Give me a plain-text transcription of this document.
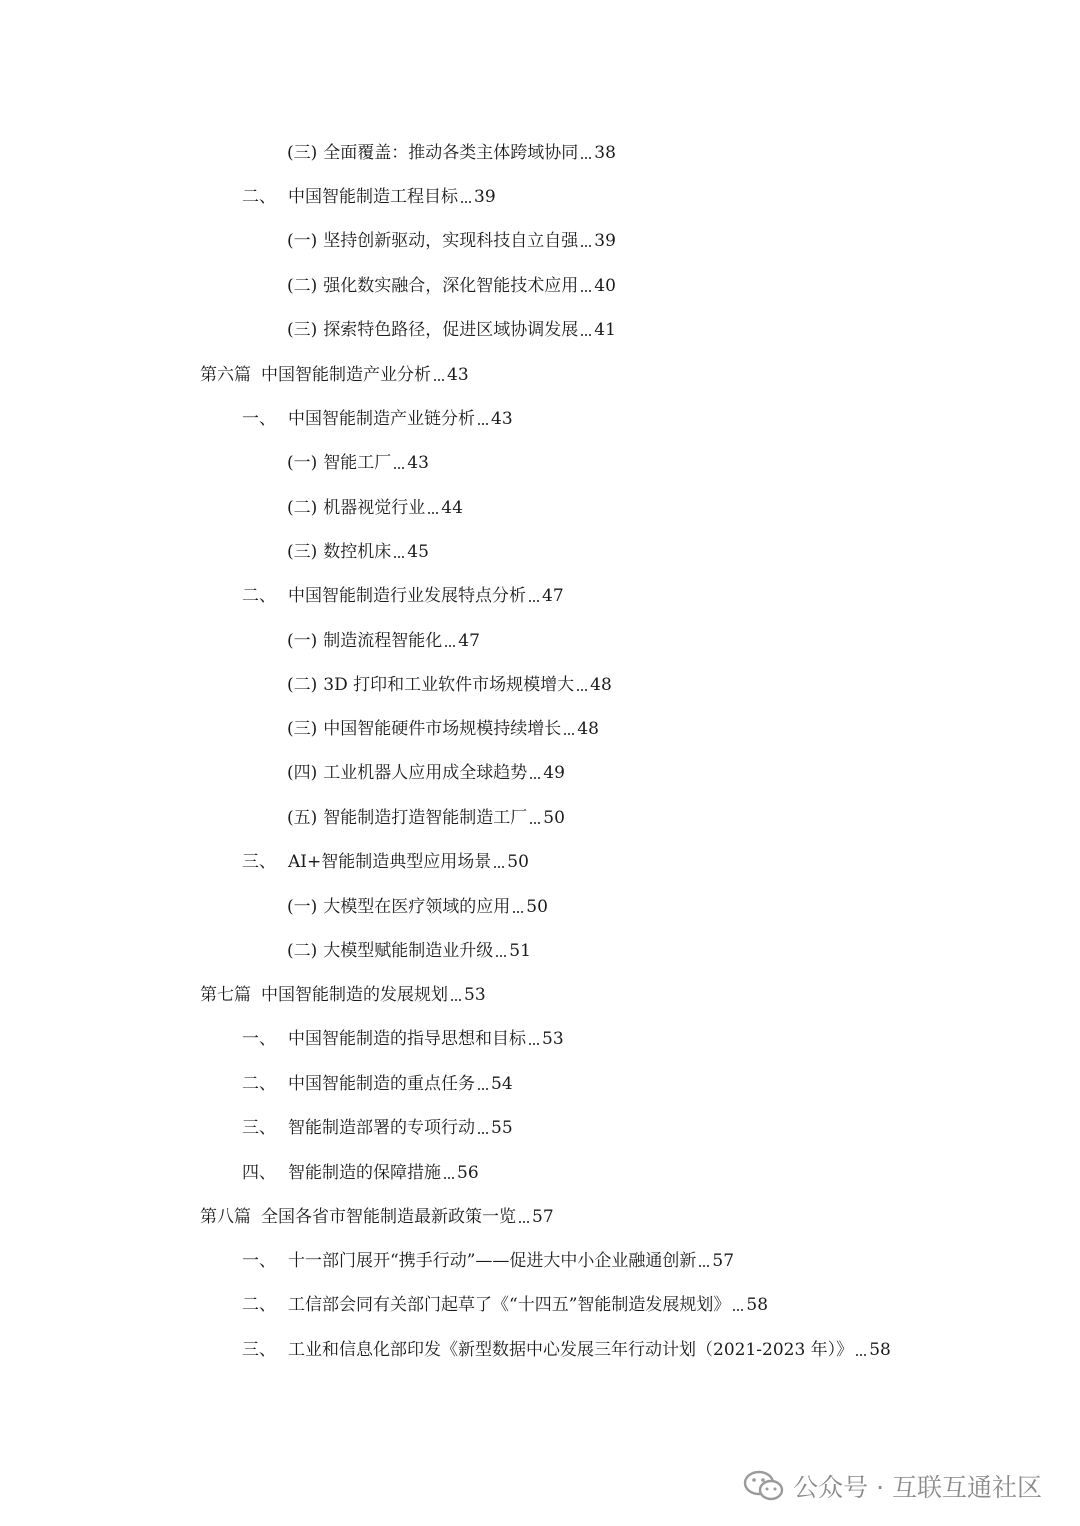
(三) 全面覆盖：推动各类主体跨域协同 38
二、 中国智能制造工程目标 39
(一) 坚持创新驱动，实现科技自立自强 39
(二) 强化数实融合，深化智能技术应用 40
(三) 探索特色路径，促进区域协调发展 41
第六篇 中国智能制造产业分析 43
一、 中国智能制造产业链分析 43
(一) 智能工厂 43
(二) 机器视觉行业 44
(三) 数控机床 45
二、 中国智能制造行业发展特点分析 47
(一) 制造流程智能化 47
(二) 3D 打印和工业软件市场规模增大 48
(三) 中国智能硬件市场规模持续增长 48
(四) 工业机器人应用成全球趋势 49
(五) 智能制造打造智能制造工厂 50
三、 AI+智能制造典型应用场景 50
(一) 大模型在医疗领域的应用 50
(二) 大模型赋能制造业升级 51
第七篇 中国智能制造的发展规划 53
一、 中国智能制造的指导思想和目标 53
二、 中国智能制造的重点任务 54
三、 智能制造部署的专项行动 55
四、 智能制造的保障措施 56
第八篇 全国各省市智能制造最新政策一览 57
一、 十一部门展开“携手行动”——促进大中小企业融通创新 57
二、 工信部会同有关部门起草了《“十四五”智能制造发展规划》 58
三、 工业和信息化部印发《新型数据中心发展三年行动计划（2021-2023 年）》 58
公众号 · 互联互通社区
